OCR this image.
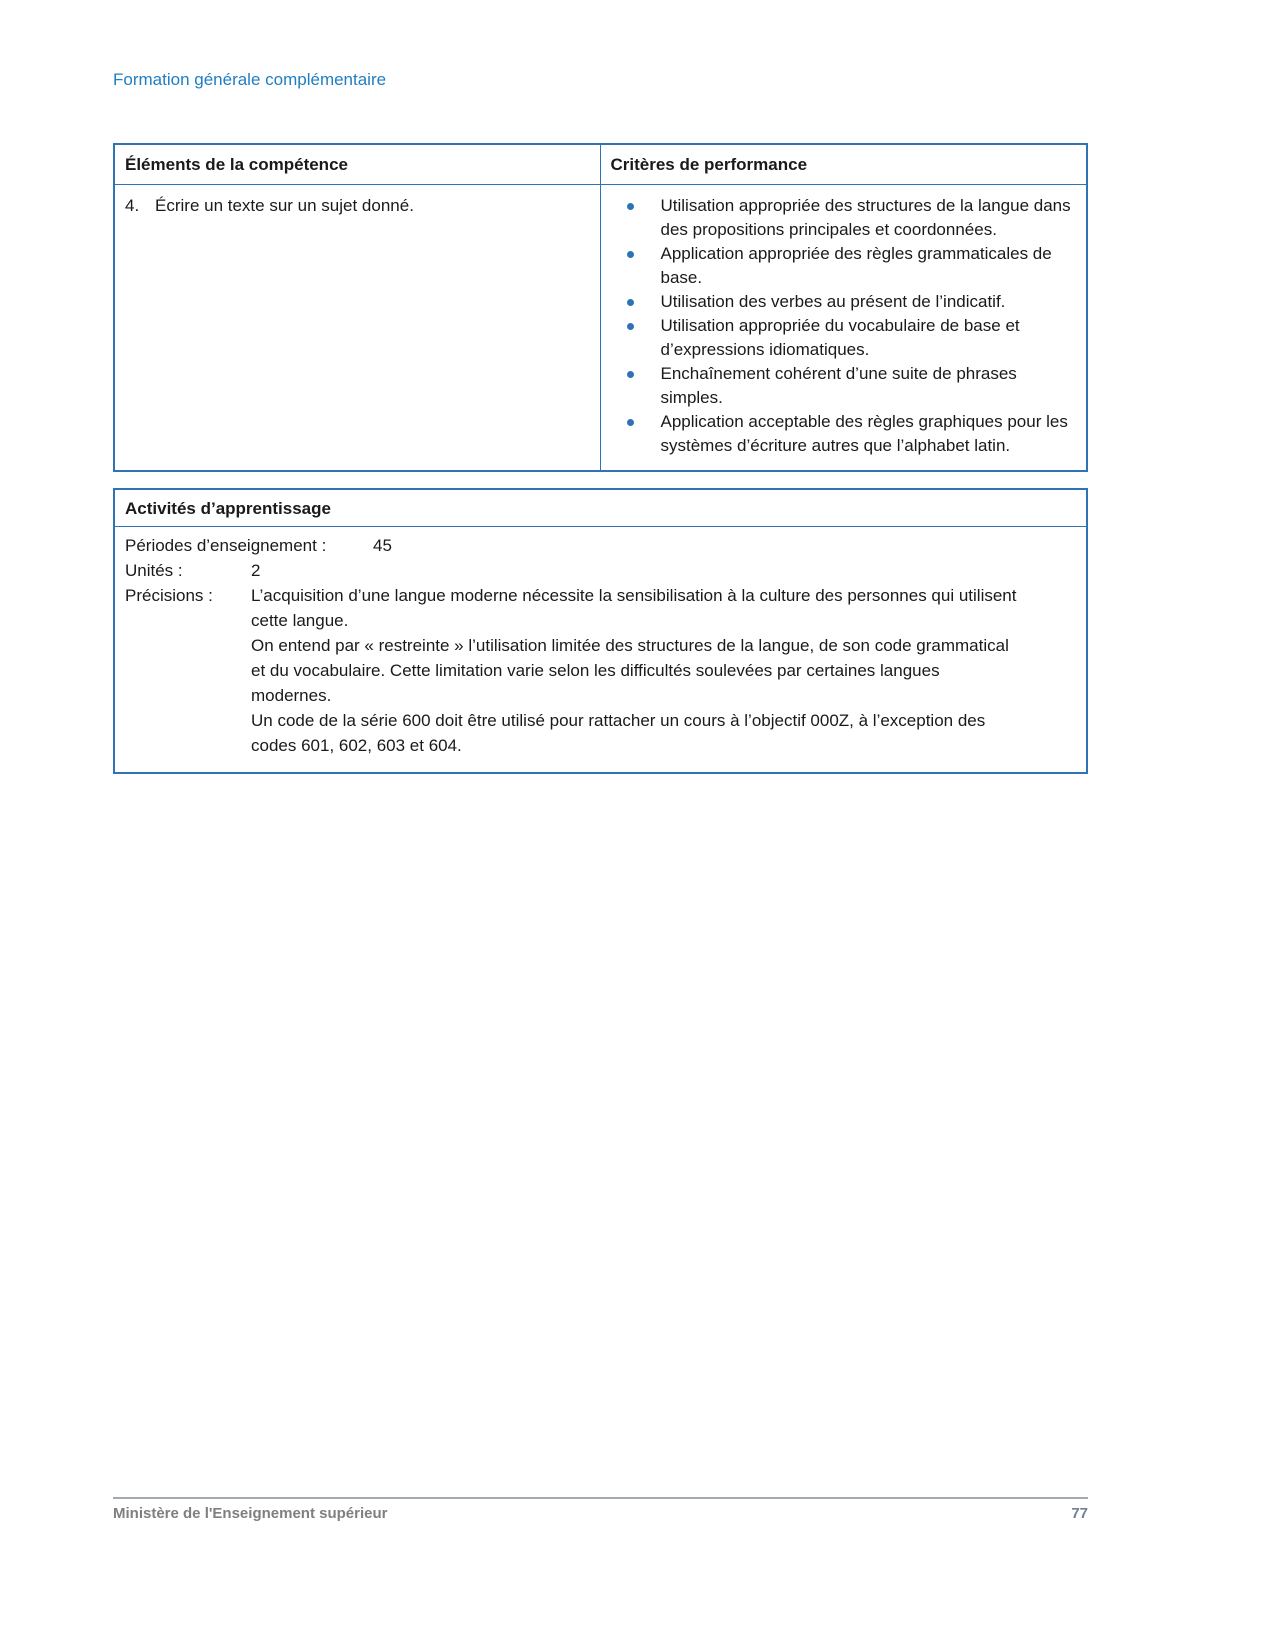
Formation générale complémentaire
Éléments de la compétence	Critères de performance
4. Écrire un texte sur un sujet donné.	Utilisation appropriée des structures de la langue dans des propositions principales et coordonnées.
Application appropriée des règles grammaticales de base.
Utilisation des verbes au présent de l’indicatif.
Utilisation appropriée du vocabulaire de base et d’expressions idiomatiques.
Enchaînement cohérent d’une suite de phrases simples.
Application acceptable des règles graphiques pour les systèmes d’écriture autres que l’alphabet latin.
Activités d’apprentissage
Périodes d’enseignement :	45
Unités :	2
Précisions :	L’acquisition d’une langue moderne nécessite la sensibilisation à la culture des personnes qui utilisent cette langue.

On entend par « restreinte » l’utilisation limitée des structures de la langue, de son code grammatical et du vocabulaire. Cette limitation varie selon les difficultés soulevées par certaines langues modernes.

Un code de la série 600 doit être utilisé pour rattacher un cours à l’objectif 000Z, à l’exception des codes 601, 602, 603 et 604.

Ministère de l'Enseignement supérieur	77
